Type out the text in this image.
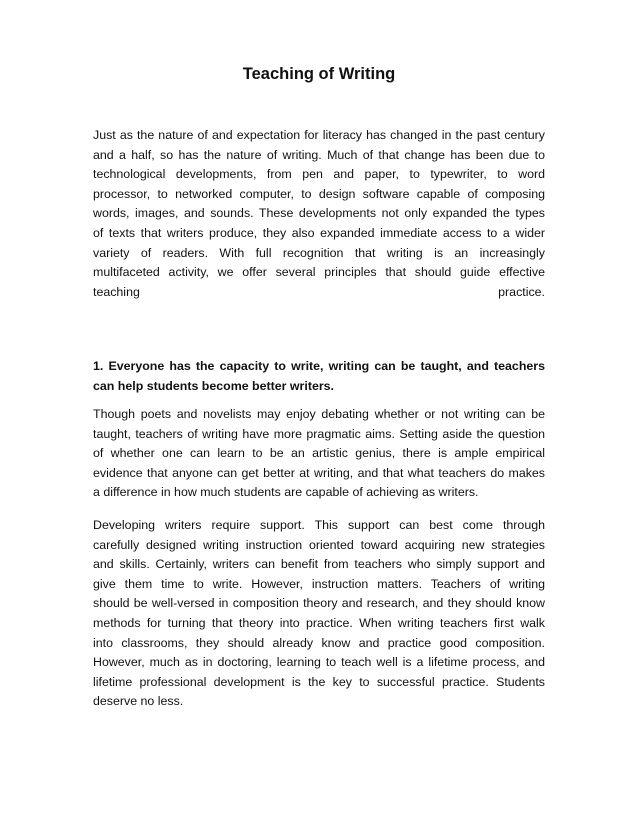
Teaching of Writing

Just as the nature of and expectation for literacy has changed in the past century
and a half, so has the nature of writing. Much of that change has been due to
technological developments, from pen and paper, to typewriter, to word
processor, to networked computer, to design software capable of composing
words, images, and sounds. These developments not only expanded the types
of texts that writers produce, they also expanded immediate access to a wider
variety of readers. With full recognition that writing is an increasingly
multifaceted activity, we offer several principles that should guide effective
teaching practice.

1. Everyone has the capacity to write, writing can be taught, and teachers
can help students become better writers.

Though poets and novelists may enjoy debating whether or not writing can be
taught, teachers of writing have more pragmatic aims. Setting aside the question
of whether one can learn to be an artistic genius, there is ample empirical
evidence that anyone can get better at writing, and that what teachers do makes
a difference in how much students are capable of achieving as writers.

Developing writers require support. This support can best come through
carefully designed writing instruction oriented toward acquiring new strategies
and skills. Certainly, writers can benefit from teachers who simply support and
give them time to write. However, instruction matters. Teachers of writing
should be well-versed in composition theory and research, and they should know
methods for turning that theory into practice. When writing teachers first walk
into classrooms, they should already know and practice good composition.
However, much as in doctoring, learning to teach well is a lifetime process, and
lifetime professional development is the key to successful practice. Students
deserve no less.
